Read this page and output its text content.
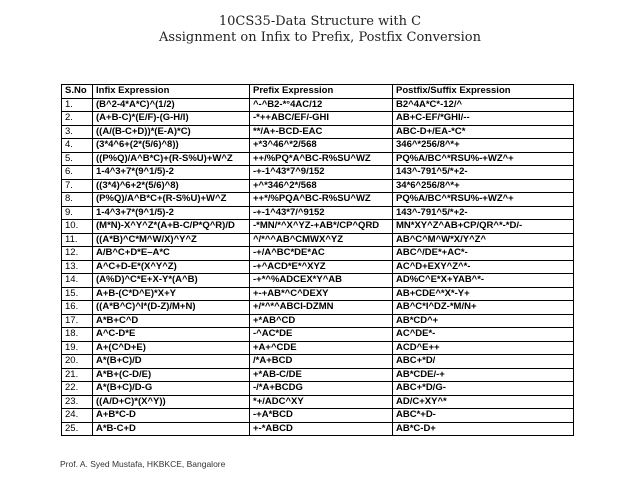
10CS35-Data Structure with C
Assignment on Infix to Prefix, Postfix Conversion
S.No	Infix Expression	Prefix Expression	Postfix/Suffix Expression
1.	(B^2-4*A*C)^(1/2)	^-^B2-*°4AC/12	B2^4A*C*-12/^
2.	(A+B-C)*(E/F)-(G-H/I)	-*++ABC/EF/-GHI	AB+C-EF/*GHI/--
3.	((A/(B-C+D))*(E-A)*C)	**/A+-BCD-EAC	ABC-D+/EA-*C*
4.	(3*4^6+(2*(5/6)^8))	+*3^46^*2/568	346^*256/8^*+
5.	((P%Q)/A^B*C)+(R-S%U)+W^Z	++/%PQ*A^BC-R%SU^WZ	PQ%A/BC^*RSU%-+WZ^+
6.	1-4^3+7*(9^1/5)-2	-+-1^43*7^9/152	143^-791^5/*+2-
7.	((3*4)^6+2*(5/6)^8)	+^*346^2*/568	34*6^256/8^*+
8.	(P%Q)/A^B*C+(R-S%U)+W^Z	++*/%PQA^BC-R%SU^WZ	PQ%A/BC^*RSU%-+WZ^+
9.	1-4^3+7*(9^1/5)-2	-+-1^43*7/^9152	143^-791^5/*+2-
10.	(M*N)-X^Y^Z*(A+B-C/P*Q^R)/D	-*MN/*^X^YZ-+AB*/CP^QRD	MN*XY^Z^AB+CP/QR^*-*D/-
11.	((A*B)^C*M^W/X)^Y^Z	^/*^^AB^CMWX^YZ	AB^C^M^W*X/Y^Z^
12.	A/B^C+D*E–A*C	-+/A^BC*DE*AC	ABC^/DE*+AC*-
13.	A^C+D-E*(X^Y^Z)	-+^ACD*E*^XYZ	AC^D+EXY^Z^*-
14.	(A%D)^C*E+X-Y*(A^B)	-+*^%ADCEX*Y^AB	AD%C^E*X+YAB^*-
15.	A+B-(C*D^E)*X+Y	+-+AB*^C^DEXY	AB+CDE^*X*-Y+
16.	((A*B^C)^I*(D-Z)/M+N)	+/*^*^ABCI-DZMN	AB^C*I^DZ-*M/N+
17.	A*B+C^D	+*AB^CD	AB*CD^+
18.	A^C-D*E	-^AC*DE	AC^DE*-
19.	A+(C^D+E)	+A+^CDE	ACD^E++
20.	A*(B+C)/D	/*A+BCD	ABC+*D/
21.	A*B+(C-D/E)	+*AB-C/DE	AB*CDE/-+
22.	A*(B+C)/D-G	-/*A+BCDG	ABC+*D/G-
23.	((A/D+C)*(X^Y))	*+/ADC^XY	AD/C+XY^*
24.	A+B*C-D	-+A*BCD	ABC*+D-
25.	A*B-C+D	+-*ABCD	AB*C-D+
Prof. A. Syed Mustafa, HKBKCE, Bangalore
